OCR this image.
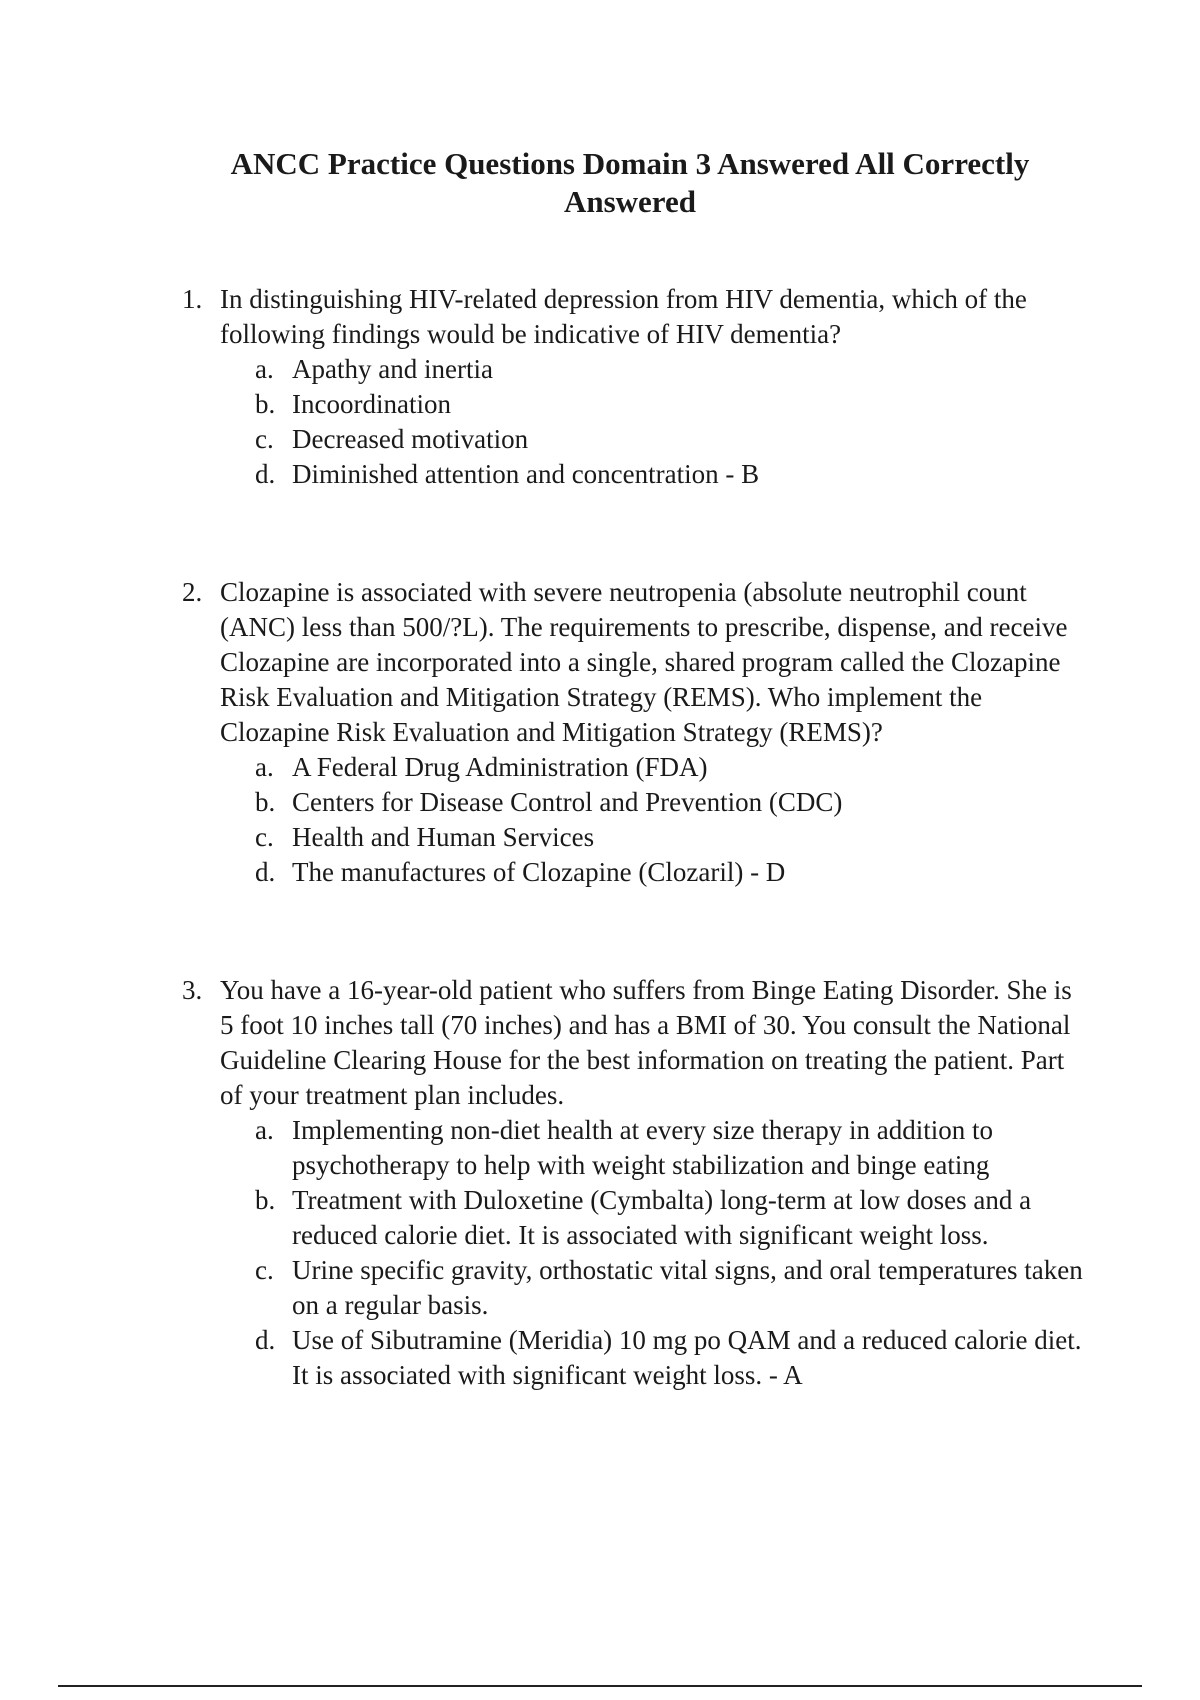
ANCC Practice Questions Domain 3 Answered All Correctly Answered
1. In distinguishing HIV-related depression from HIV dementia, which of the following findings would be indicative of HIV dementia?

a. Apathy and inertia
b. Incoordination
c. Decreased motivation
d. Diminished attention and concentration - B
2. Clozapine is associated with severe neutropenia (absolute neutrophil count (ANC) less than 500/?L). The requirements to prescribe, dispense, and receive Clozapine are incorporated into a single, shared program called the Clozapine Risk Evaluation and Mitigation Strategy (REMS). Who implement the Clozapine Risk Evaluation and Mitigation Strategy (REMS)?

a. A Federal Drug Administration (FDA)
b. Centers for Disease Control and Prevention (CDC)
c. Health and Human Services
d. The manufactures of Clozapine (Clozaril) - D
3. You have a 16-year-old patient who suffers from Binge Eating Disorder. She is 5 foot 10 inches tall (70 inches) and has a BMI of 30. You consult the National Guideline Clearing House for the best information on treating the patient. Part of your treatment plan includes.

a. Implementing non-diet health at every size therapy in addition to psychotherapy to help with weight stabilization and binge eating
b. Treatment with Duloxetine (Cymbalta) long-term at low doses and a reduced calorie diet. It is associated with significant weight loss.
c. Urine specific gravity, orthostatic vital signs, and oral temperatures taken on a regular basis.
d. Use of Sibutramine (Meridia) 10 mg po QAM and a reduced calorie diet. It is associated with significant weight loss. - A
